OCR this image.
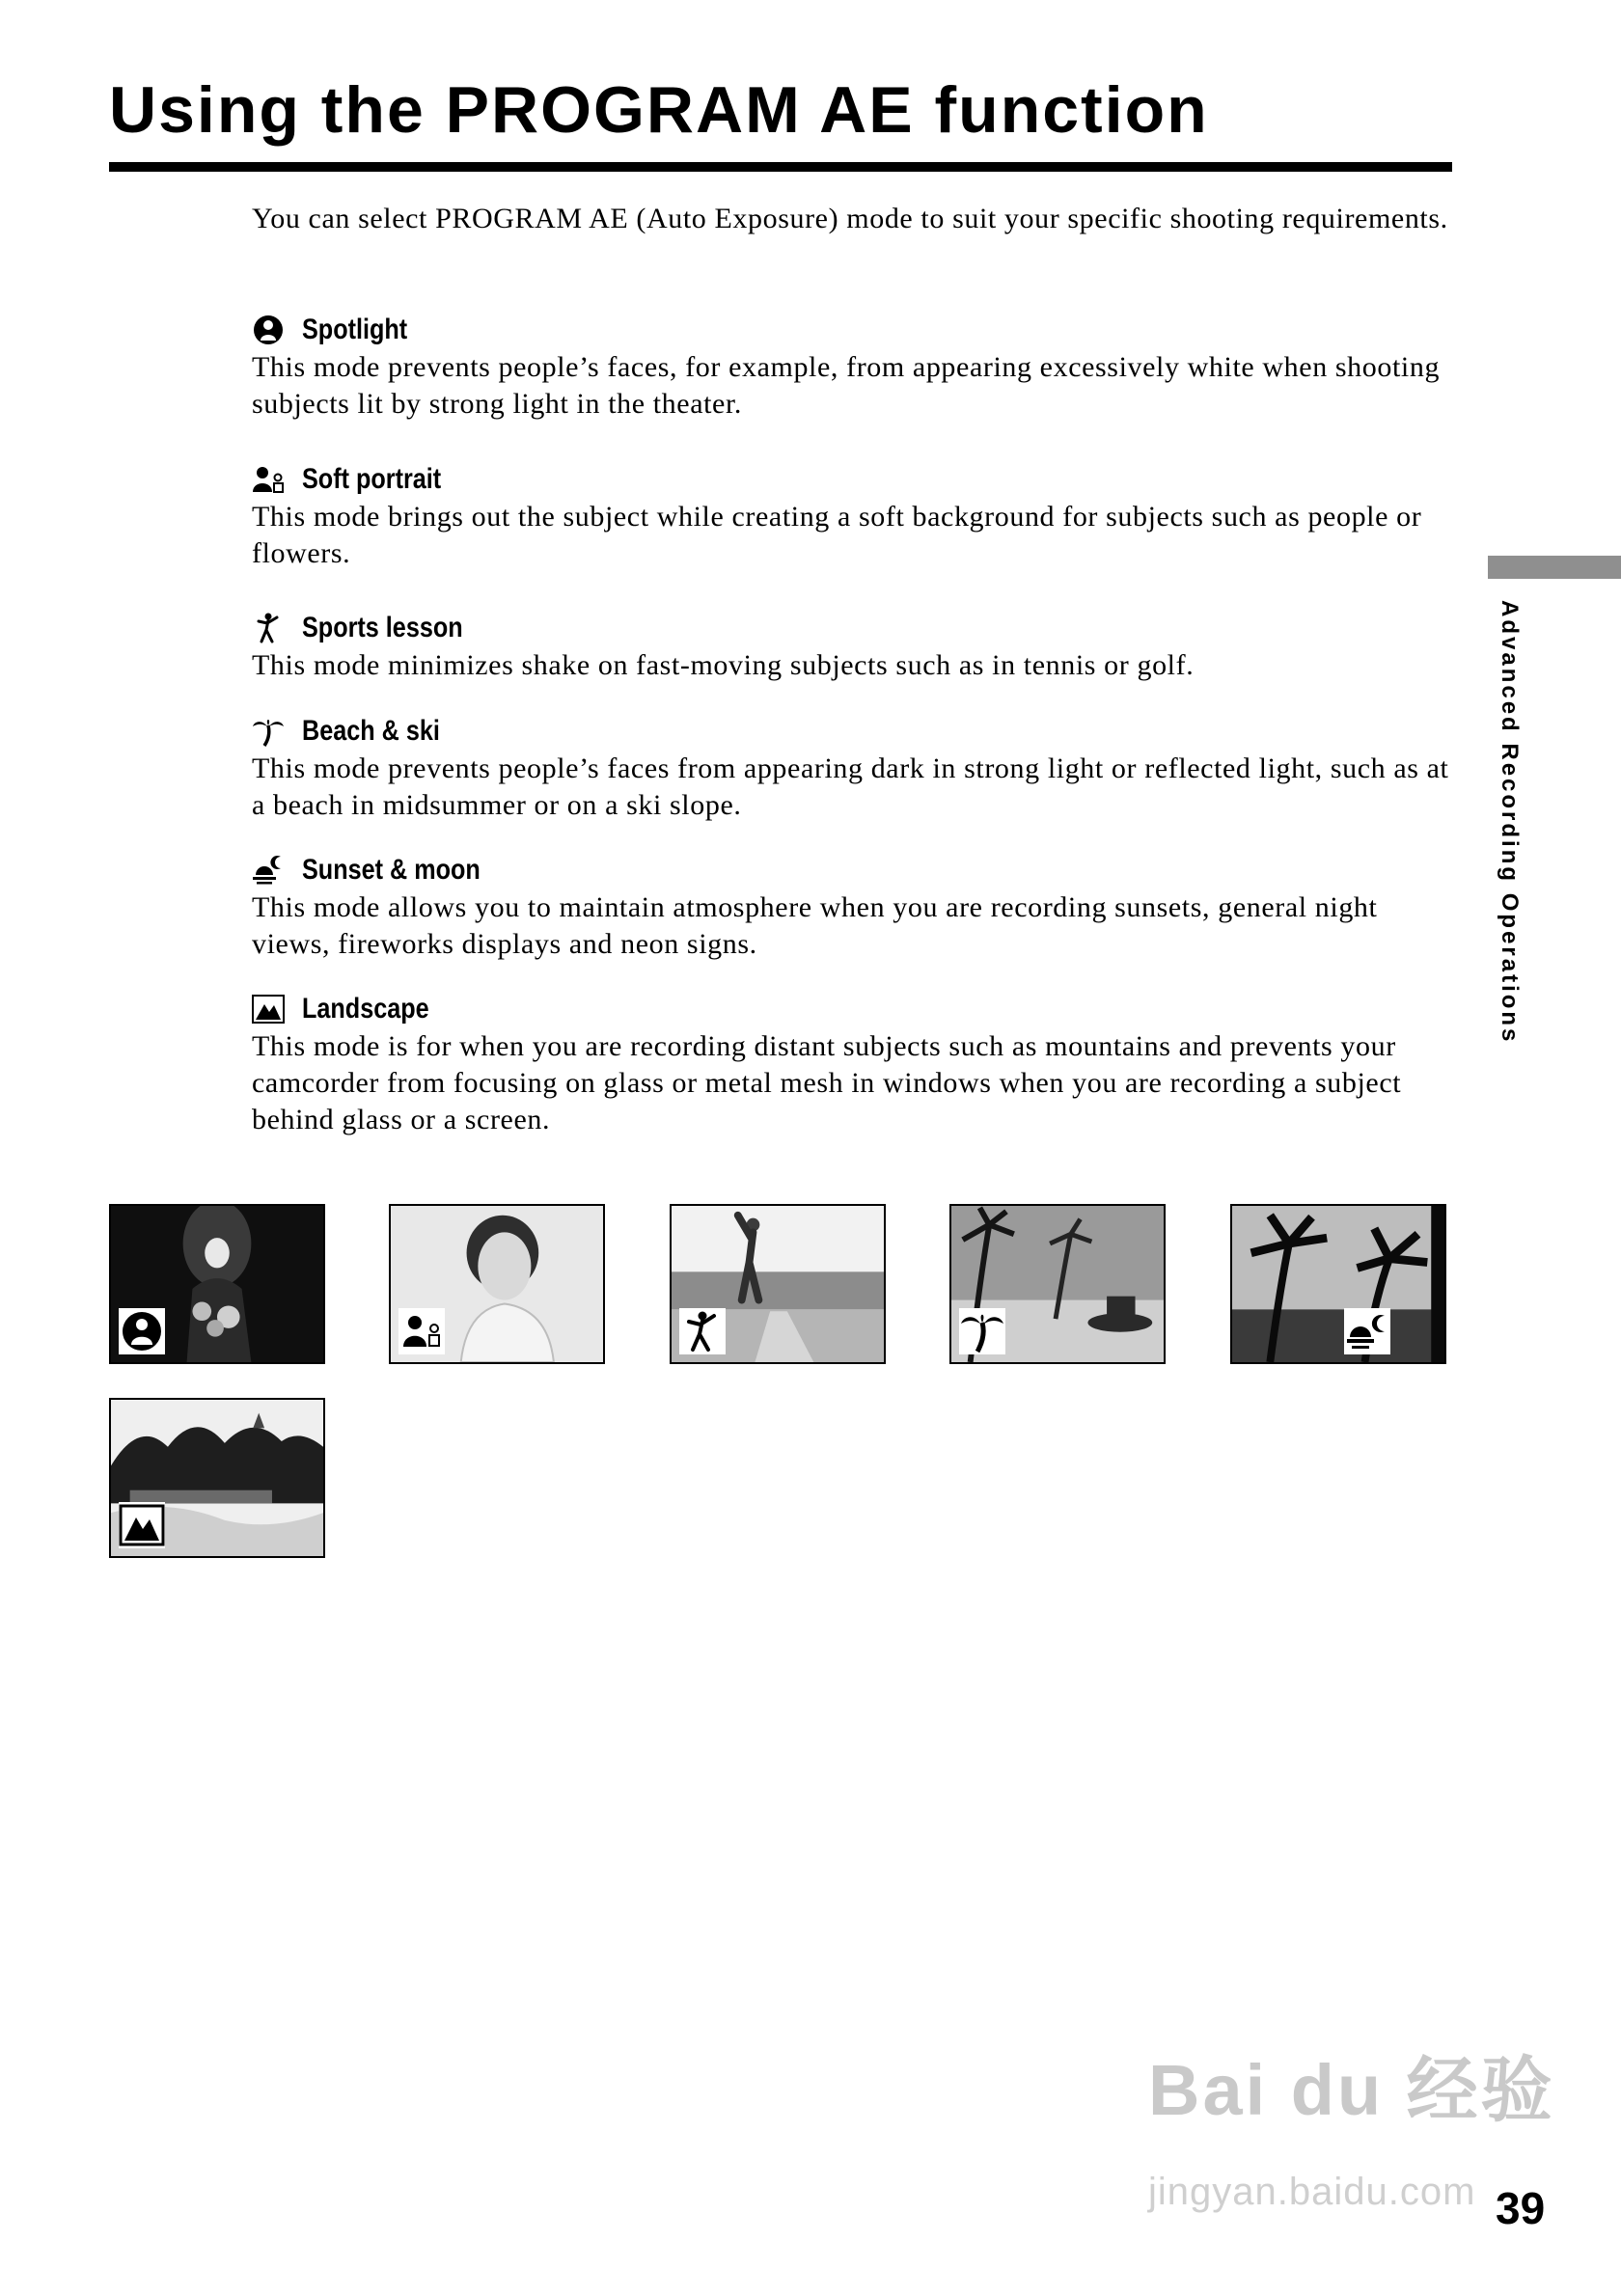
Using the PROGRAM AE function

You can select PROGRAM AE (Auto Exposure) mode to suit your specific shooting requirements.

Spotlight

This mode prevents people’s faces, for example, from appearing excessively white when shooting subjects lit by strong light in the theater.

Soft portrait

This mode brings out the subject while creating a soft background for subjects such as people or flowers.

Sports lesson

This mode minimizes shake on fast-moving subjects such as in tennis or golf.

Beach & ski

This mode prevents people’s faces from appearing dark in strong light or reflected light, such as at a beach in midsummer or on a ski slope.

Sunset & moon

This mode allows you to maintain atmosphere when you are recording sunsets, general night views, fireworks displays and neon signs.

Landscape

This mode is for when you are recording distant subjects such as mountains and prevents your camcorder from focusing on glass or metal mesh in windows when you are recording a subject behind glass or a screen.

Advanced Recording Operations
Bai du 经验
jingyan.baidu.com 39
